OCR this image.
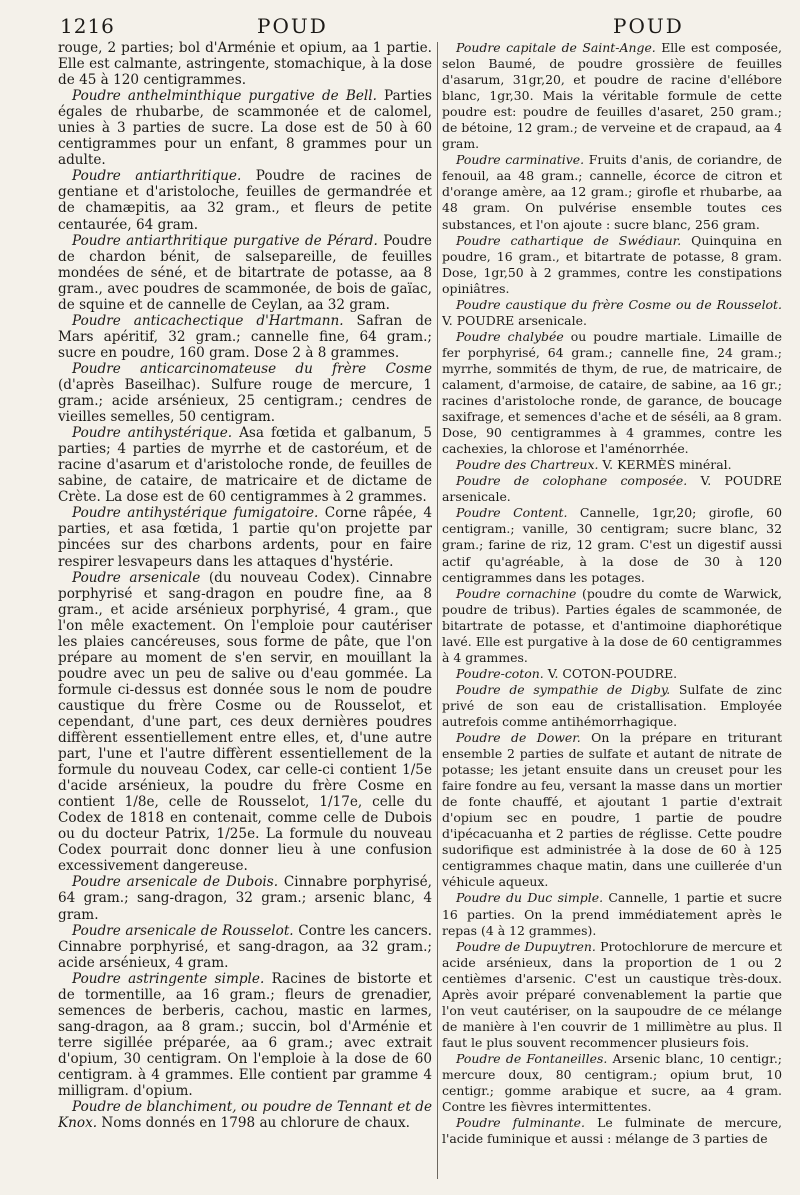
1216	POUD	POUD

rouge, 2 parties; bol d'Arménie et opium, aa 1 partie. Elle est calmante, astringente, stomachique, à la dose de 45 à 120 centigrammes.

Poudre anthelminthique purgative de Bell. Parties égales de rhubarbe, de scammonée et de calomel, unies à 3 parties de sucre. La dose est de 50 à 60 centigrammes pour un enfant, 8 grammes pour un adulte.

Poudre antiarthritique. Poudre de racines de gentiane et d'aristoloche, feuilles de germandrée et de chamæpitis, aa 32 gram., et fleurs de petite centaurée, 64 gram.

Poudre antiarthritique purgative de Pérard. Poudre de chardon bénit, de salsepareille, de feuilles mondées de séné, et de bitartrate de potasse, aa 8 gram., avec poudres de scammonée, de bois de gaïac, de squine et de cannelle de Ceylan, aa 32 gram.

Poudre anticachectique d'Hartmann. Safran de Mars apéritif, 32 gram.; cannelle fine, 64 gram.; sucre en poudre, 160 gram. Dose 2 à 8 grammes.

Poudre anticarcinomateuse du frère Cosme (d'après Baseilhac). Sulfure rouge de mercure, 1 gram.; acide arsénieux, 25 centigram.; cendres de vieilles semelles, 50 centigram.

Poudre antihystérique. Asa fœtida et galbanum, 5 parties; 4 parties de myrrhe et de castoréum, et de racine d'asarum et d'aristoloche ronde, de feuilles de sabine, de cataire, de matricaire et de dictame de Crète. La dose est de 60 centigrammes à 2 grammes.

Poudre antihystérique fumigatoire. Corne râpée, 4 parties, et asa fœtida, 1 partie qu'on projette par pincées sur des charbons ardents, pour en faire respirer lesvapeurs dans les attaques d'hystérie.

Poudre arsenicale (du nouveau Codex). Cinnabre porphyrisé et sang-dragon en poudre fine, aa 8 gram., et acide arsénieux porphyrisé, 4 gram., que l'on mêle exactement. On l'emploie pour cautériser les plaies cancéreuses, sous forme de pâte, que l'on prépare au moment de s'en servir, en mouillant la poudre avec un peu de salive ou d'eau gommée. La formule ci-dessus est donnée sous le nom de poudre caustique du frère Cosme ou de Rousselot, et cependant, d'une part, ces deux dernières poudres diffèrent essentiellement entre elles, et, d'une autre part, l'une et l'autre diffèrent essentiellement de la formule du nouveau Codex, car celle-ci contient 1/5e d'acide arsénieux, la poudre du frère Cosme en contient 1/8e, celle de Rousselot, 1/17e, celle du Codex de 1818 en contenait, comme celle de Dubois ou du docteur Patrix, 1/25e. La formule du nouveau Codex pourrait donc donner lieu à une confusion excessivement dangereuse.

Poudre arsenicale de Dubois. Cinnabre porphyrisé, 64 gram.; sang-dragon, 32 gram.; arsenic blanc, 4 gram.

Poudre arsenicale de Rousselot. Contre les cancers. Cinnabre porphyrisé, et sang-dragon, aa 32 gram.; acide arsénieux, 4 gram.

Poudre astringente simple. Racines de bistorte et de tormentille, aa 16 gram.; fleurs de grenadier, semences de berberis, cachou, mastic en larmes, sang-dragon, aa 8 gram.; succin, bol d'Arménie et terre sigillée préparée, aa 6 gram.; avec extrait d'opium, 30 centigram. On l'emploie à la dose de 60 centigram. à 4 grammes. Elle contient par gramme 4 milligram. d'opium.

Poudre de blanchiment, ou poudre de Tennant et de Knox. Noms donnés en 1798 au chlorure de chaux.

Poudre capitale de Saint-Ange. Elle est composée, selon Baumé, de poudre grossière de feuilles d'asarum, 31gr,20, et poudre de racine d'ellébore blanc, 1gr,30. Mais la véritable formule de cette poudre est: poudre de feuilles d'asaret, 250 gram.; de bétoine, 12 gram.; de verveine et de crapaud, aa 4 gram.

Poudre carminative. Fruits d'anis, de coriandre, de fenouil, aa 48 gram.; cannelle, écorce de citron et d'orange amère, aa 12 gram.; girofle et rhubarbe, aa 48 gram. On pulvérise ensemble toutes ces substances, et l'on ajoute : sucre blanc, 256 gram.

Poudre cathartique de Swédiaur. Quinquina en poudre, 16 gram., et bitartrate de potasse, 8 gram. Dose, 1gr,50 à 2 grammes, contre les constipations opiniâtres.

Poudre caustique du frère Cosme ou de Rousselot. V. POUDRE arsenicale.

Poudre chalybée ou poudre martiale. Limaille de fer porphyrisé, 64 gram.; cannelle fine, 24 gram.; myrrhe, sommités de thym, de rue, de matricaire, de calament, d'armoise, de cataire, de sabine, aa 16 gr.; racines d'aristoloche ronde, de garance, de boucage saxifrage, et semences d'ache et de séséli, aa 8 gram. Dose, 90 centigrammes à 4 grammes, contre les cachexies, la chlorose et l'aménorrhée.

Poudre des Chartreux. V. KERMÈS minéral.

Poudre de colophane composée. V. POUDRE arsenicale.

Poudre Content. Cannelle, 1gr,20; girofle, 60 centigram.; vanille, 30 centigram; sucre blanc, 32 gram.; farine de riz, 12 gram. C'est un digestif aussi actif qu'agréable, à la dose de 30 à 120 centigrammes dans les potages.

Poudre cornachine (poudre du comte de Warwick, poudre de tribus). Parties égales de scammonée, de bitartrate de potasse, et d'antimoine diaphorétique lavé. Elle est purgative à la dose de 60 centigrammes à 4 grammes.

Poudre-coton. V. COTON-POUDRE.

Poudre de sympathie de Digby. Sulfate de zinc privé de son eau de cristallisation. Employée autrefois comme antihémorrhagique.

Poudre de Dower. On la prépare en triturant ensemble 2 parties de sulfate et autant de nitrate de potasse; les jetant ensuite dans un creuset pour les faire fondre au feu, versant la masse dans un mortier de fonte chauffé, et ajoutant 1 partie d'extrait d'opium sec en poudre, 1 partie de poudre d'ipécacuanha et 2 parties de réglisse. Cette poudre sudorifique est administrée à la dose de 60 à 125 centigrammes chaque matin, dans une cuillerée d'un véhicule aqueux.

Poudre du Duc simple. Cannelle, 1 partie et sucre 16 parties. On la prend immédiatement après le repas (4 à 12 grammes).

Poudre de Dupuytren. Protochlorure de mercure et acide arsénieux, dans la proportion de 1 ou 2 centièmes d'arsenic. C'est un caustique très-doux. Après avoir préparé convenablement la partie que l'on veut cautériser, on la saupoudre de ce mélange de manière à l'en couvrir de 1 millimètre au plus. Il faut le plus souvent recommencer plusieurs fois.

Poudre de Fontaneilles. Arsenic blanc, 10 centigr.; mercure doux, 80 centigram.; opium brut, 10 centigr.; gomme arabique et sucre, aa 4 gram. Contre les fièvres intermittentes.

Poudre fulminante. Le fulminate de mercure, l'acide fuminique et aussi : mélange de 3 parties de
